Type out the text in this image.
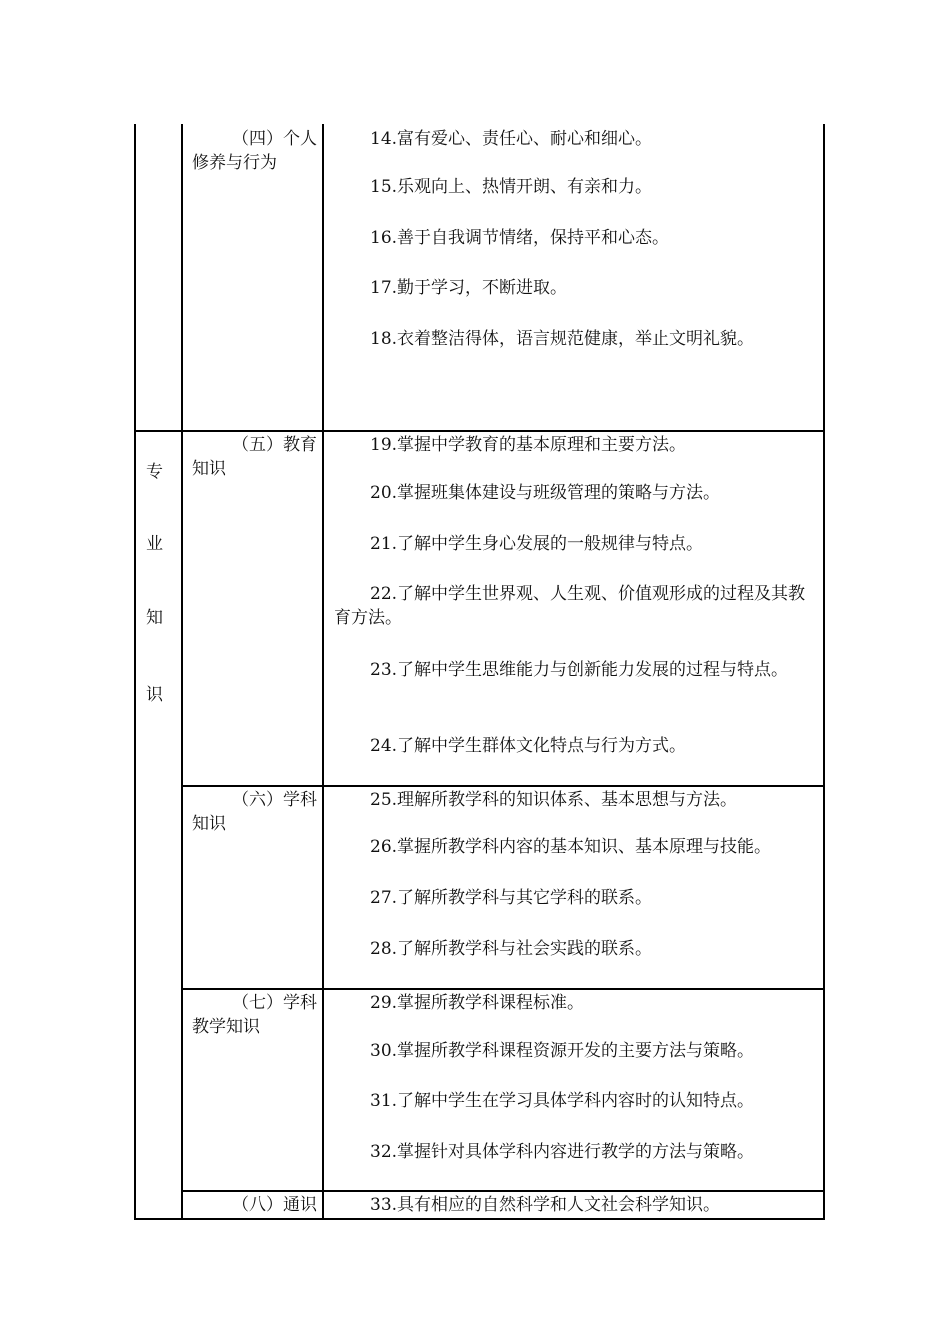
专
业
知
识
（四）个人修养与行为
（五）教育知识
（六）学科知识
（七）学科教学知识
（八）通识
14.富有爱心、责任心、耐心和细心。
15.乐观向上、热情开朗、有亲和力。
16.善于自我调节情绪，保持平和心态。
17.勤于学习，不断进取。
18.衣着整洁得体，语言规范健康，举止文明礼貌。
19.掌握中学教育的基本原理和主要方法。
20.掌握班集体建设与班级管理的策略与方法。
21.了解中学生身心发展的一般规律与特点。
22.了解中学生世界观、人生观、价值观形成的过程及其教育方法。
23.了解中学生思维能力与创新能力发展的过程与特点。
24.了解中学生群体文化特点与行为方式。
25.理解所教学科的知识体系、基本思想与方法。
26.掌握所教学科内容的基本知识、基本原理与技能。
27.了解所教学科与其它学科的联系。
28.了解所教学科与社会实践的联系。
29.掌握所教学科课程标准。
30.掌握所教学科课程资源开发的主要方法与策略。
31.了解中学生在学习具体学科内容时的认知特点。
32.掌握针对具体学科内容进行教学的方法与策略。
33.具有相应的自然科学和人文社会科学知识。
